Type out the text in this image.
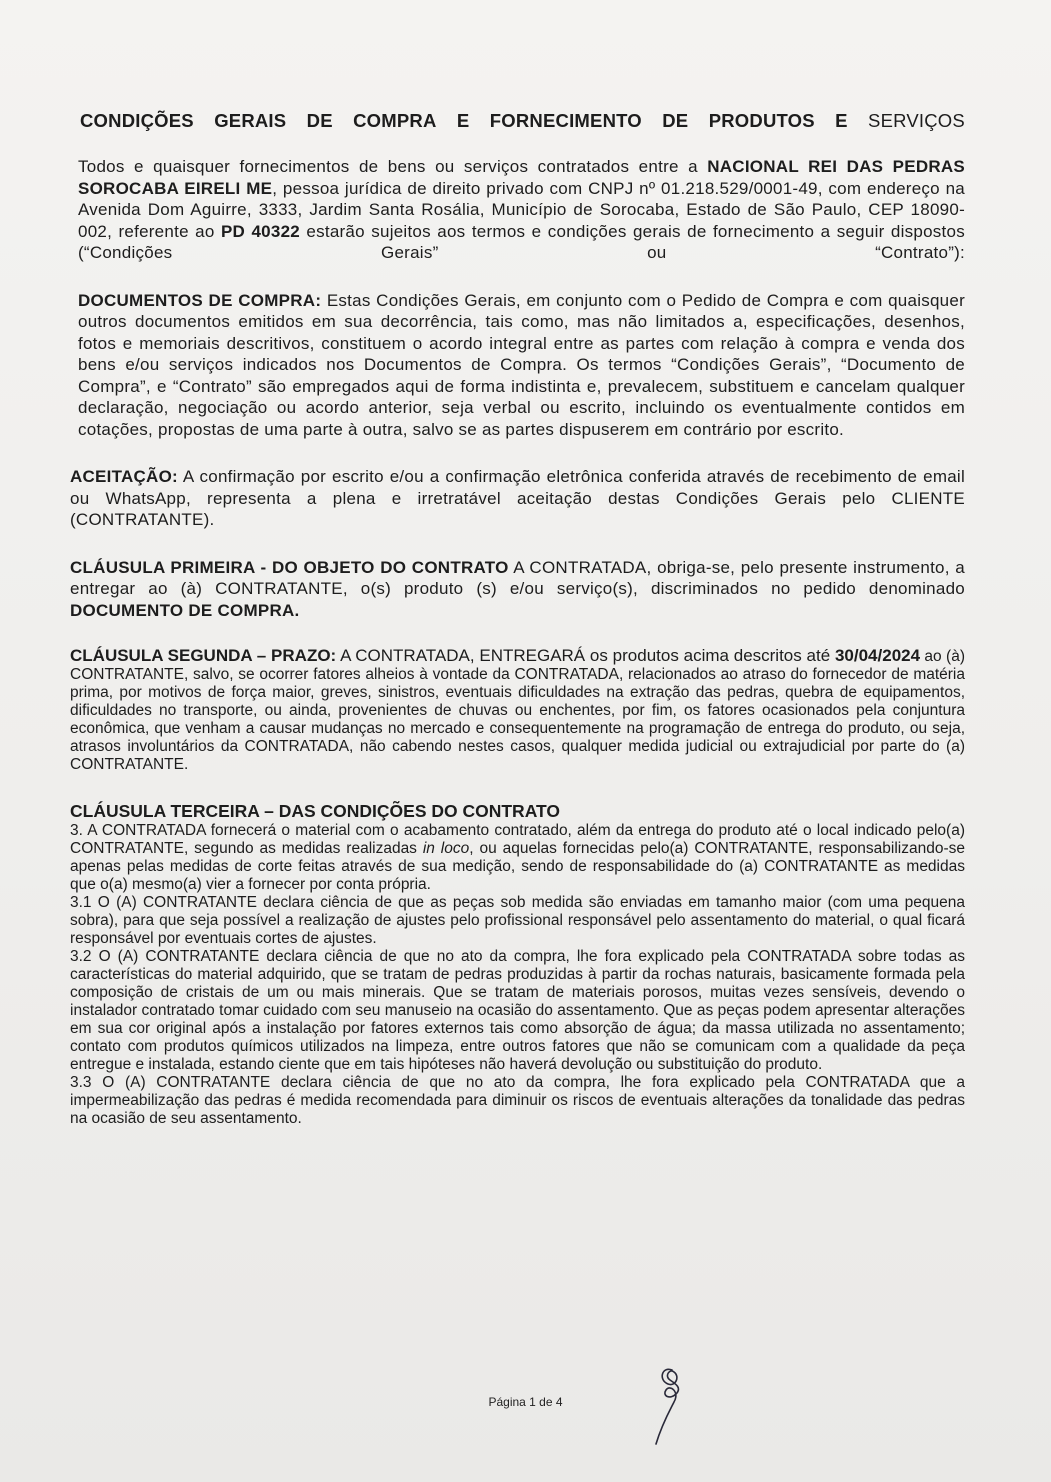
CONDIÇÕES GERAIS DE COMPRA E FORNECIMENTO DE PRODUTOS E SERVIÇOS

Todos e quaisquer fornecimentos de bens ou serviços contratados entre a NACIONAL REI DAS PEDRAS SOROCABA EIRELI ME, pessoa jurídica de direito privado com CNPJ nº 01.218.529/0001-49, com endereço na Avenida Dom Aguirre, 3333, Jardim Santa Rosália, Município de Sorocaba, Estado de São Paulo, CEP 18090- 002, referente ao PD 40322 estarão sujeitos aos termos e condições gerais de fornecimento a seguir dispostos (“Condições Gerais” ou “Contrato”):

DOCUMENTOS DE COMPRA: Estas Condições Gerais, em conjunto com o Pedido de Compra e com quaisquer outros documentos emitidos em sua decorrência, tais como, mas não limitados a, especificações, desenhos, fotos e memoriais descritivos, constituem o acordo integral entre as partes com relação à compra e venda dos bens e/ou serviços indicados nos Documentos de Compra. Os termos “Condições Gerais”, “Documento de Compra”, e “Contrato” são empregados aqui de forma indistinta e, prevalecem, substituem e cancelam qualquer declaração, negociação ou acordo anterior, seja verbal ou escrito, incluindo os eventualmente contidos em cotações, propostas de uma parte à outra, salvo se as partes dispuserem em contrário por escrito.

ACEITAÇÃO: A confirmação por escrito e/ou a confirmação eletrônica conferida através de recebimento de email ou WhatsApp, representa a plena e irretratável aceitação destas Condições Gerais pelo CLIENTE (CONTRATANTE).

CLÁUSULA PRIMEIRA - DO OBJETO DO CONTRATO A CONTRATADA, obriga-se, pelo presente instrumento, a entregar ao (à) CONTRATANTE, o(s) produto (s) e/ou serviço(s), discriminados no pedido denominado DOCUMENTO DE COMPRA.

CLÁUSULA SEGUNDA – PRAZO: A CONTRATADA, ENTREGARÁ os produtos acima descritos até 30/04/2024 ao (à) CONTRATANTE, salvo, se ocorrer fatores alheios à vontade da CONTRATADA, relacionados ao atraso do fornecedor de matéria prima, por motivos de força maior, greves, sinistros, eventuais dificuldades na extração das pedras, quebra de equipamentos, dificuldades no transporte, ou ainda, provenientes de chuvas ou enchentes, por fim, os fatores ocasionados pela conjuntura econômica, que venham a causar mudanças no mercado e consequentemente na programação de entrega do produto, ou seja, atrasos involuntários da CONTRATADA, não cabendo nestes casos, qualquer medida judicial ou extrajudicial por parte do (a) CONTRATANTE.

CLÁUSULA TERCEIRA – DAS CONDIÇÕES DO CONTRATO

3. A CONTRATADA fornecerá o material com o acabamento contratado, além da entrega do produto até o local indicado pelo(a) CONTRATANTE, segundo as medidas realizadas in loco, ou aquelas fornecidas pelo(a) CONTRATANTE, responsabilizando-se apenas pelas medidas de corte feitas através de sua medição, sendo de responsabilidade do (a) CONTRATANTE as medidas que o(a) mesmo(a) vier a fornecer por conta própria.

3.1 O (A) CONTRATANTE declara ciência de que as peças sob medida são enviadas em tamanho maior (com uma pequena sobra), para que seja possível a realização de ajustes pelo profissional responsável pelo assentamento do material, o qual ficará responsável por eventuais cortes de ajustes.

3.2 O (A) CONTRATANTE declara ciência de que no ato da compra, lhe fora explicado pela CONTRATADA sobre todas as características do material adquirido, que se tratam de pedras produzidas à partir da rochas naturais, basicamente formada pela composição de cristais de um ou mais minerais. Que se tratam de materiais porosos, muitas vezes sensíveis, devendo o instalador contratado tomar cuidado com seu manuseio na ocasião do assentamento. Que as peças podem apresentar alterações em sua cor original após a instalação por fatores externos tais como absorção de água; da massa utilizada no assentamento; contato com produtos químicos utilizados na limpeza, entre outros fatores que não se comunicam com a qualidade da peça entregue e instalada, estando ciente que em tais hipóteses não haverá devolução ou substituição do produto.

3.3 O (A) CONTRATANTE declara ciência de que no ato da compra, lhe fora explicado pela CONTRATADA que a impermeabilização das pedras é medida recomendada para diminuir os riscos de eventuais alterações da tonalidade das pedras na ocasião de seu assentamento.

Página 1 de 4
